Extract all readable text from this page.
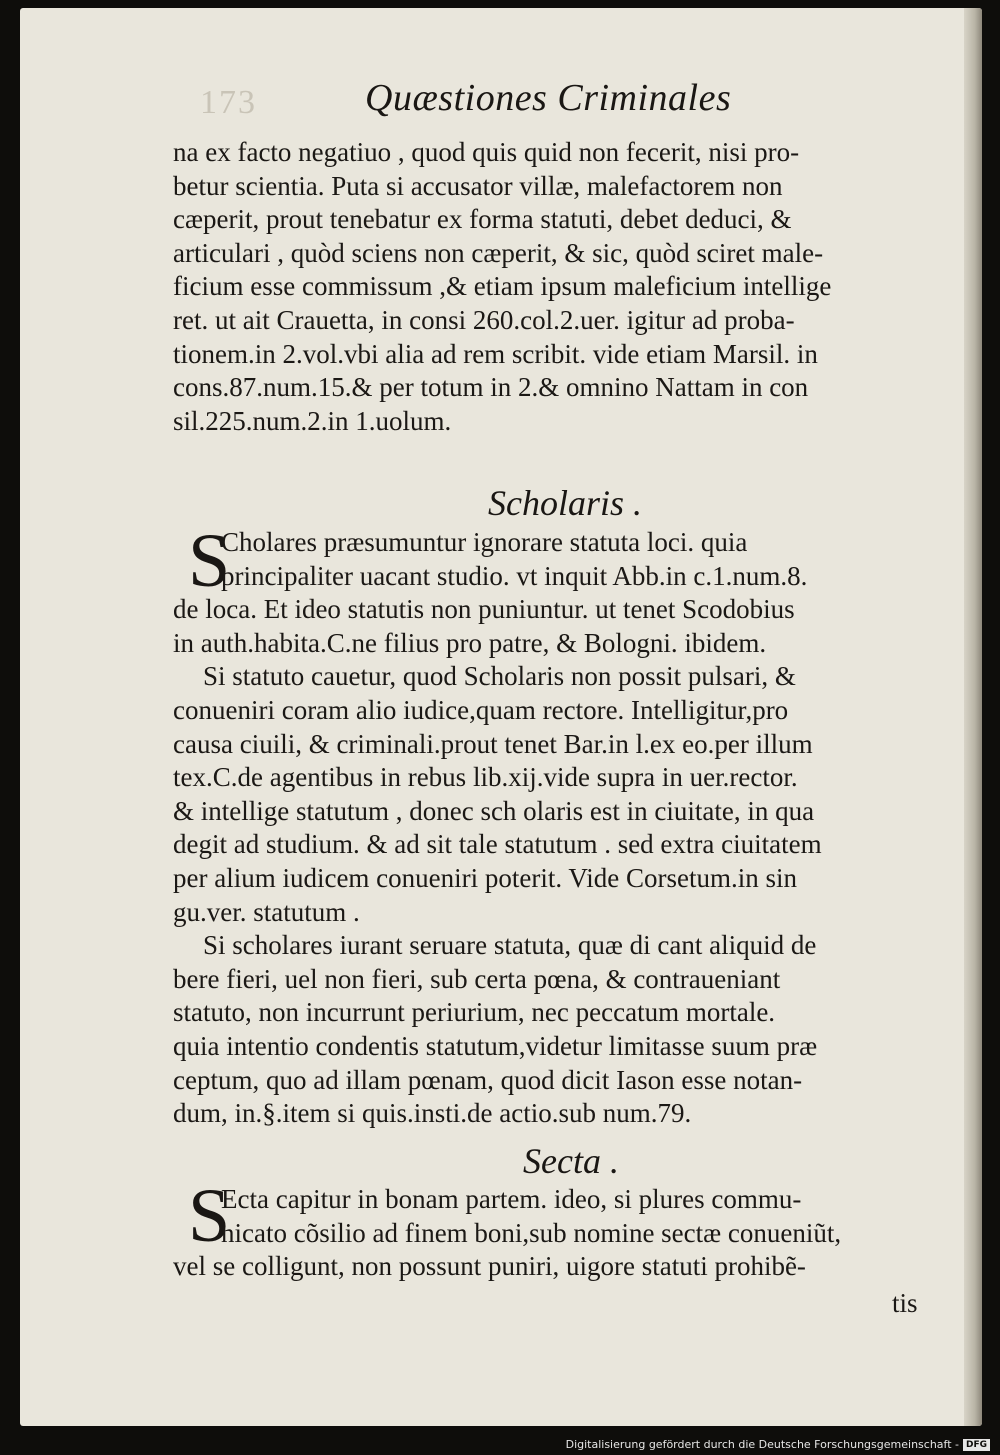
173	Quæstiones Criminales
na ex facto negatiuo , quod quis quid non fecerit, nisi pro-
betur scientia. Puta si accusator villæ, malefactorem non
cæperit, prout tenebatur ex forma statuti, debet deduci, &
articulari , quòd sciens non cæperit, & sic, quòd sciret male-
ficium esse commissum ,& etiam ipsum maleficium intellige
ret. ut ait Crauetta, in consi 260.col.2.uer. igitur ad proba-
tionem.in 2.vol.vbi alia ad rem scribit. vide etiam Marsil. in
cons.87.num.15.& per totum in 2.& omnino Nattam in con
sil.225.num.2.in 1.uolum.
Scholaris .
S
Cholares præsumuntur ignorare statuta loci. quia
principaliter uacant studio. vt inquit Abb.in c.1.num.8.
de loca. Et ideo statutis non puniuntur. ut tenet Scodobius
in auth.habita.C.ne filius pro patre, & Bologni. ibidem.
Si statuto cauetur, quod Scholaris non possit pulsari, &
conueniri coram alio iudice,quam rectore. Intelligitur,pro
causa ciuili, & criminali.prout tenet Bar.in l.ex eo.per illum
tex.C.de agentibus in rebus lib.xij.vide supra in uer.rector.
& intellige statutum , donec sch olaris est in ciuitate, in qua
degit ad studium. & ad sit tale statutum . sed extra ciuitatem
per alium iudicem conueniri poterit. Vide Corsetum.in sin
gu.ver. statutum .
Si scholares iurant seruare statuta, quæ di cant aliquid de
bere fieri, uel non fieri, sub certa pœna, & contraueniant
statuto, non incurrunt periurium, nec peccatum mortale.
quia intentio condentis statutum,videtur limitasse suum præ
ceptum, quo ad illam pœnam, quod dicit Iason esse notan-
dum, in.§.item si quis.insti.de actio.sub num.79.
Secta .
S
Ecta capitur in bonam partem. ideo, si plures commu-
nicato cõsilio ad finem boni,sub nomine sectæ conueniũt,
vel se colligunt, non possunt puniri, uigore statuti prohibẽ-
tis
Digitalisierung gefördert durch die Deutsche Forschungsgemeinschaft - DFG
